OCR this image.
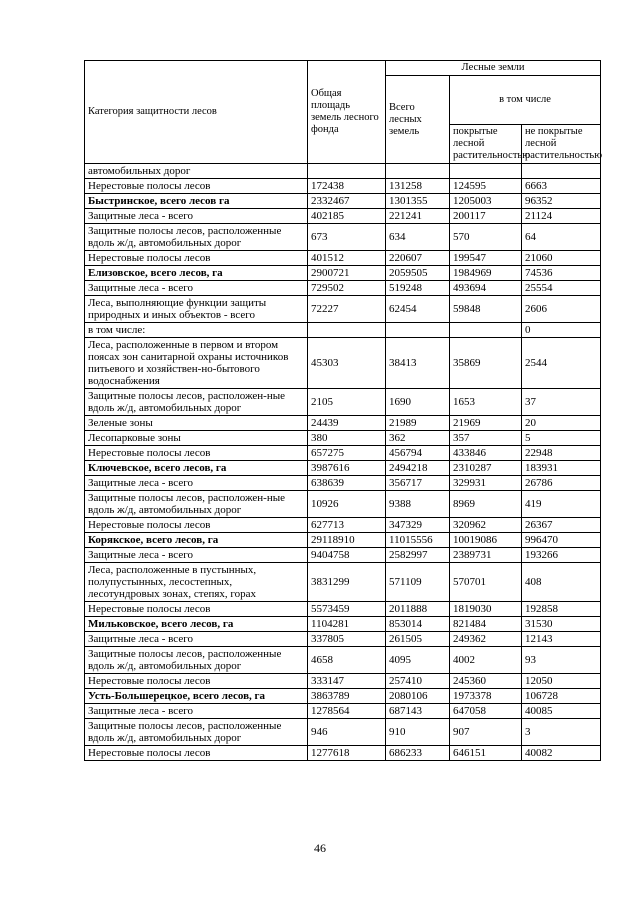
Категория защитности лесов	Общая площадь земель лесного фонда	Лесные земли		
		Всего лесных земель	в том числе	
			покрытые лесной растительностью	не покрытые лесной растительностью
автомобильных дорог				
Нерестовые полосы лесов	172438	131258	124595	6663
Быстринское, всего лесов га	2332467	1301355	1205003	96352
Защитные леса - всего	402185	221241	200117	21124
Защитные полосы лесов, расположенные вдоль ж/д, автомобильных дорог	673	634	570	64
Нерестовые полосы лесов	401512	220607	199547	21060
Елизовское, всего лесов, га	2900721	2059505	1984969	74536
Защитные леса - всего	729502	519248	493694	25554
Леса, выполняющие функции защиты природных и иных объектов - всего	72227	62454	59848	2606
в том числе:				0
Леса, расположенные в первом и втором поясах зон санитарной охраны источников питьевого и хозяйствен-но-бытового водоснабжения	45303	38413	35869	2544
Защитные полосы лесов, расположен-ные вдоль ж/д, автомобильных дорог	2105	1690	1653	37
Зеленые зоны	24439	21989	21969	20
Лесопарковые зоны	380	362	357	5
Нерестовые полосы лесов	657275	456794	433846	22948
Ключевское, всего лесов, га	3987616	2494218	2310287	183931
Защитные леса - всего	638639	356717	329931	26786
Защитные полосы лесов, расположен-ные вдоль ж/д, автомобильных дорог	10926	9388	8969	419
Нерестовые полосы лесов	627713	347329	320962	26367
Корякское, всего лесов, га	29118910	11015556	10019086	996470
Защитные леса - всего	9404758	2582997	2389731	193266
Леса, расположенные в пустынных, полупустынных, лесостепных, лесотундровых зонах, степях, горах	3831299	571109	570701	408
Нерестовые полосы лесов	5573459	2011888	1819030	192858
Мильковское, всего лесов, га	1104281	853014	821484	31530
Защитные леса - всего	337805	261505	249362	12143
Защитные полосы лесов, расположенные вдоль ж/д, автомобильных дорог	4658	4095	4002	93
Нерестовые полосы лесов	333147	257410	245360	12050
Усть-Большерецкое, всего лесов, га	3863789	2080106	1973378	106728
Защитные леса - всего	1278564	687143	647058	40085
Защитные полосы лесов, расположенные вдоль ж/д, автомобильных дорог	946	910	907	3
Нерестовые полосы лесов	1277618	686233	646151	40082
46
